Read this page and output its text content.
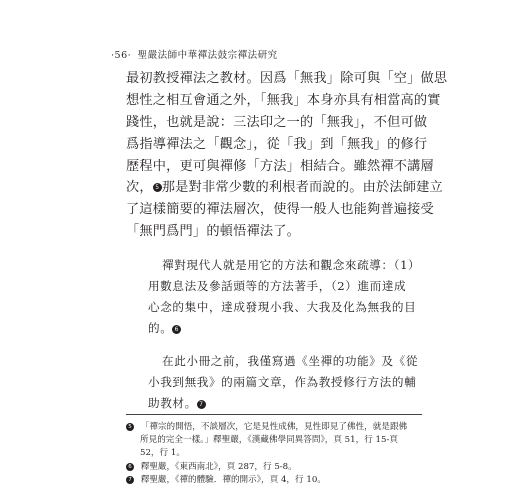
·56· 聖嚴法師中華禪法鼓宗禪法研究
最初教授禪法之教材。因爲「無我」除可與「空」做思
想性之相互會通之外，「無我」本身亦具有相當高的實
踐性，也就是說：三法印之一的「無我」，不但可做
爲指導禪法之「觀念」，從「我」到「無我」的修行
歷程中，更可與禪修「方法」相結合。雖然禪不講層
次， 5 那是對非常少數的利根者而說的。由於法師建立
了這樣簡要的禪法層次，使得一般人也能夠普遍接受
「無門爲門」的頓悟禪法了。
禪對現代人就是用它的方法和觀念來疏導：（1）
用數息法及參話頭等的方法著手，（2）進而達成
心念的集中，達成發現小我、大我及化為無我的目
的。 6
在此小冊之前，我僅寫過《坐禪的功能》及《從
小我到無我》的兩篇文章，作為教授修行方法的輔
助教材。 7
5 「禪宗的開悟，不談層次，它是見性成佛，見性即見了佛性，就是跟佛
所見的完全一樣。」釋聖嚴，《漢藏佛學同異答問》，頁 51，行 15-頁
52，行 1。
6 釋聖嚴，《東西南北》，頁 287，行 5-8。
7 釋聖嚴，《禪的體驗．禪的開示》，頁 4，行 10。
